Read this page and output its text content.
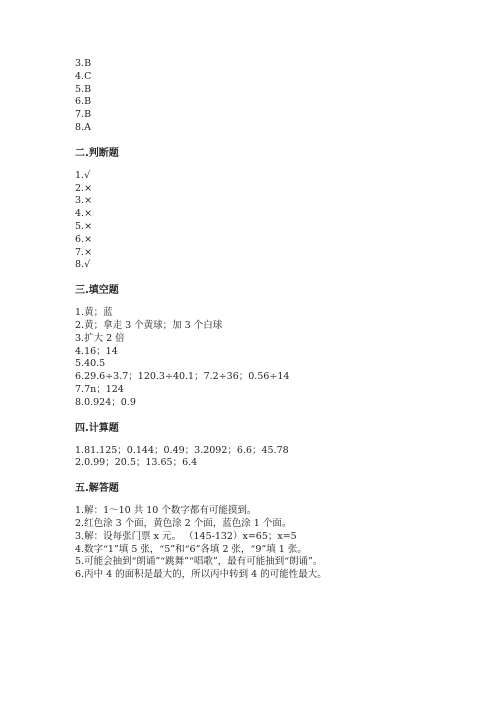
3.B
4.C
5.B
6.B
7.B
8.A
二.判断题
1.√
2.×
3.×
4.×
5.×
6.×
7.×
8.√
三.填空题
1.黄；蓝
2.黄；拿走 3 个黄球；加 3 个白球
3.扩大 2 倍
4.16；14
5.40.5
6.29.6÷3.7；120.3÷40.1；7.2÷36；0.56÷14
7.7n；124
8.0.924；0.9
四.计算题
1.81.125；0.144；0.49；3.2092；6.6；45.78
2.0.99；20.5；13.65；6.4
五.解答题
1.解：1～10 共 10 个数字都有可能摸到。
2.红色涂 3 个面，黄色涂 2 个面，蓝色涂 1 个面。
3.解：设每张门票 x 元。 （145-132）x=65；x=5
4.数字“1”填 5 张，“5”和“6”各填 2 张，“9”填 1 张。
5.可能会抽到“朗诵”“跳舞”“唱歌”，最有可能抽到“朗诵”。
6.丙中 4 的面积是最大的，所以丙中转到 4 的可能性最大。
